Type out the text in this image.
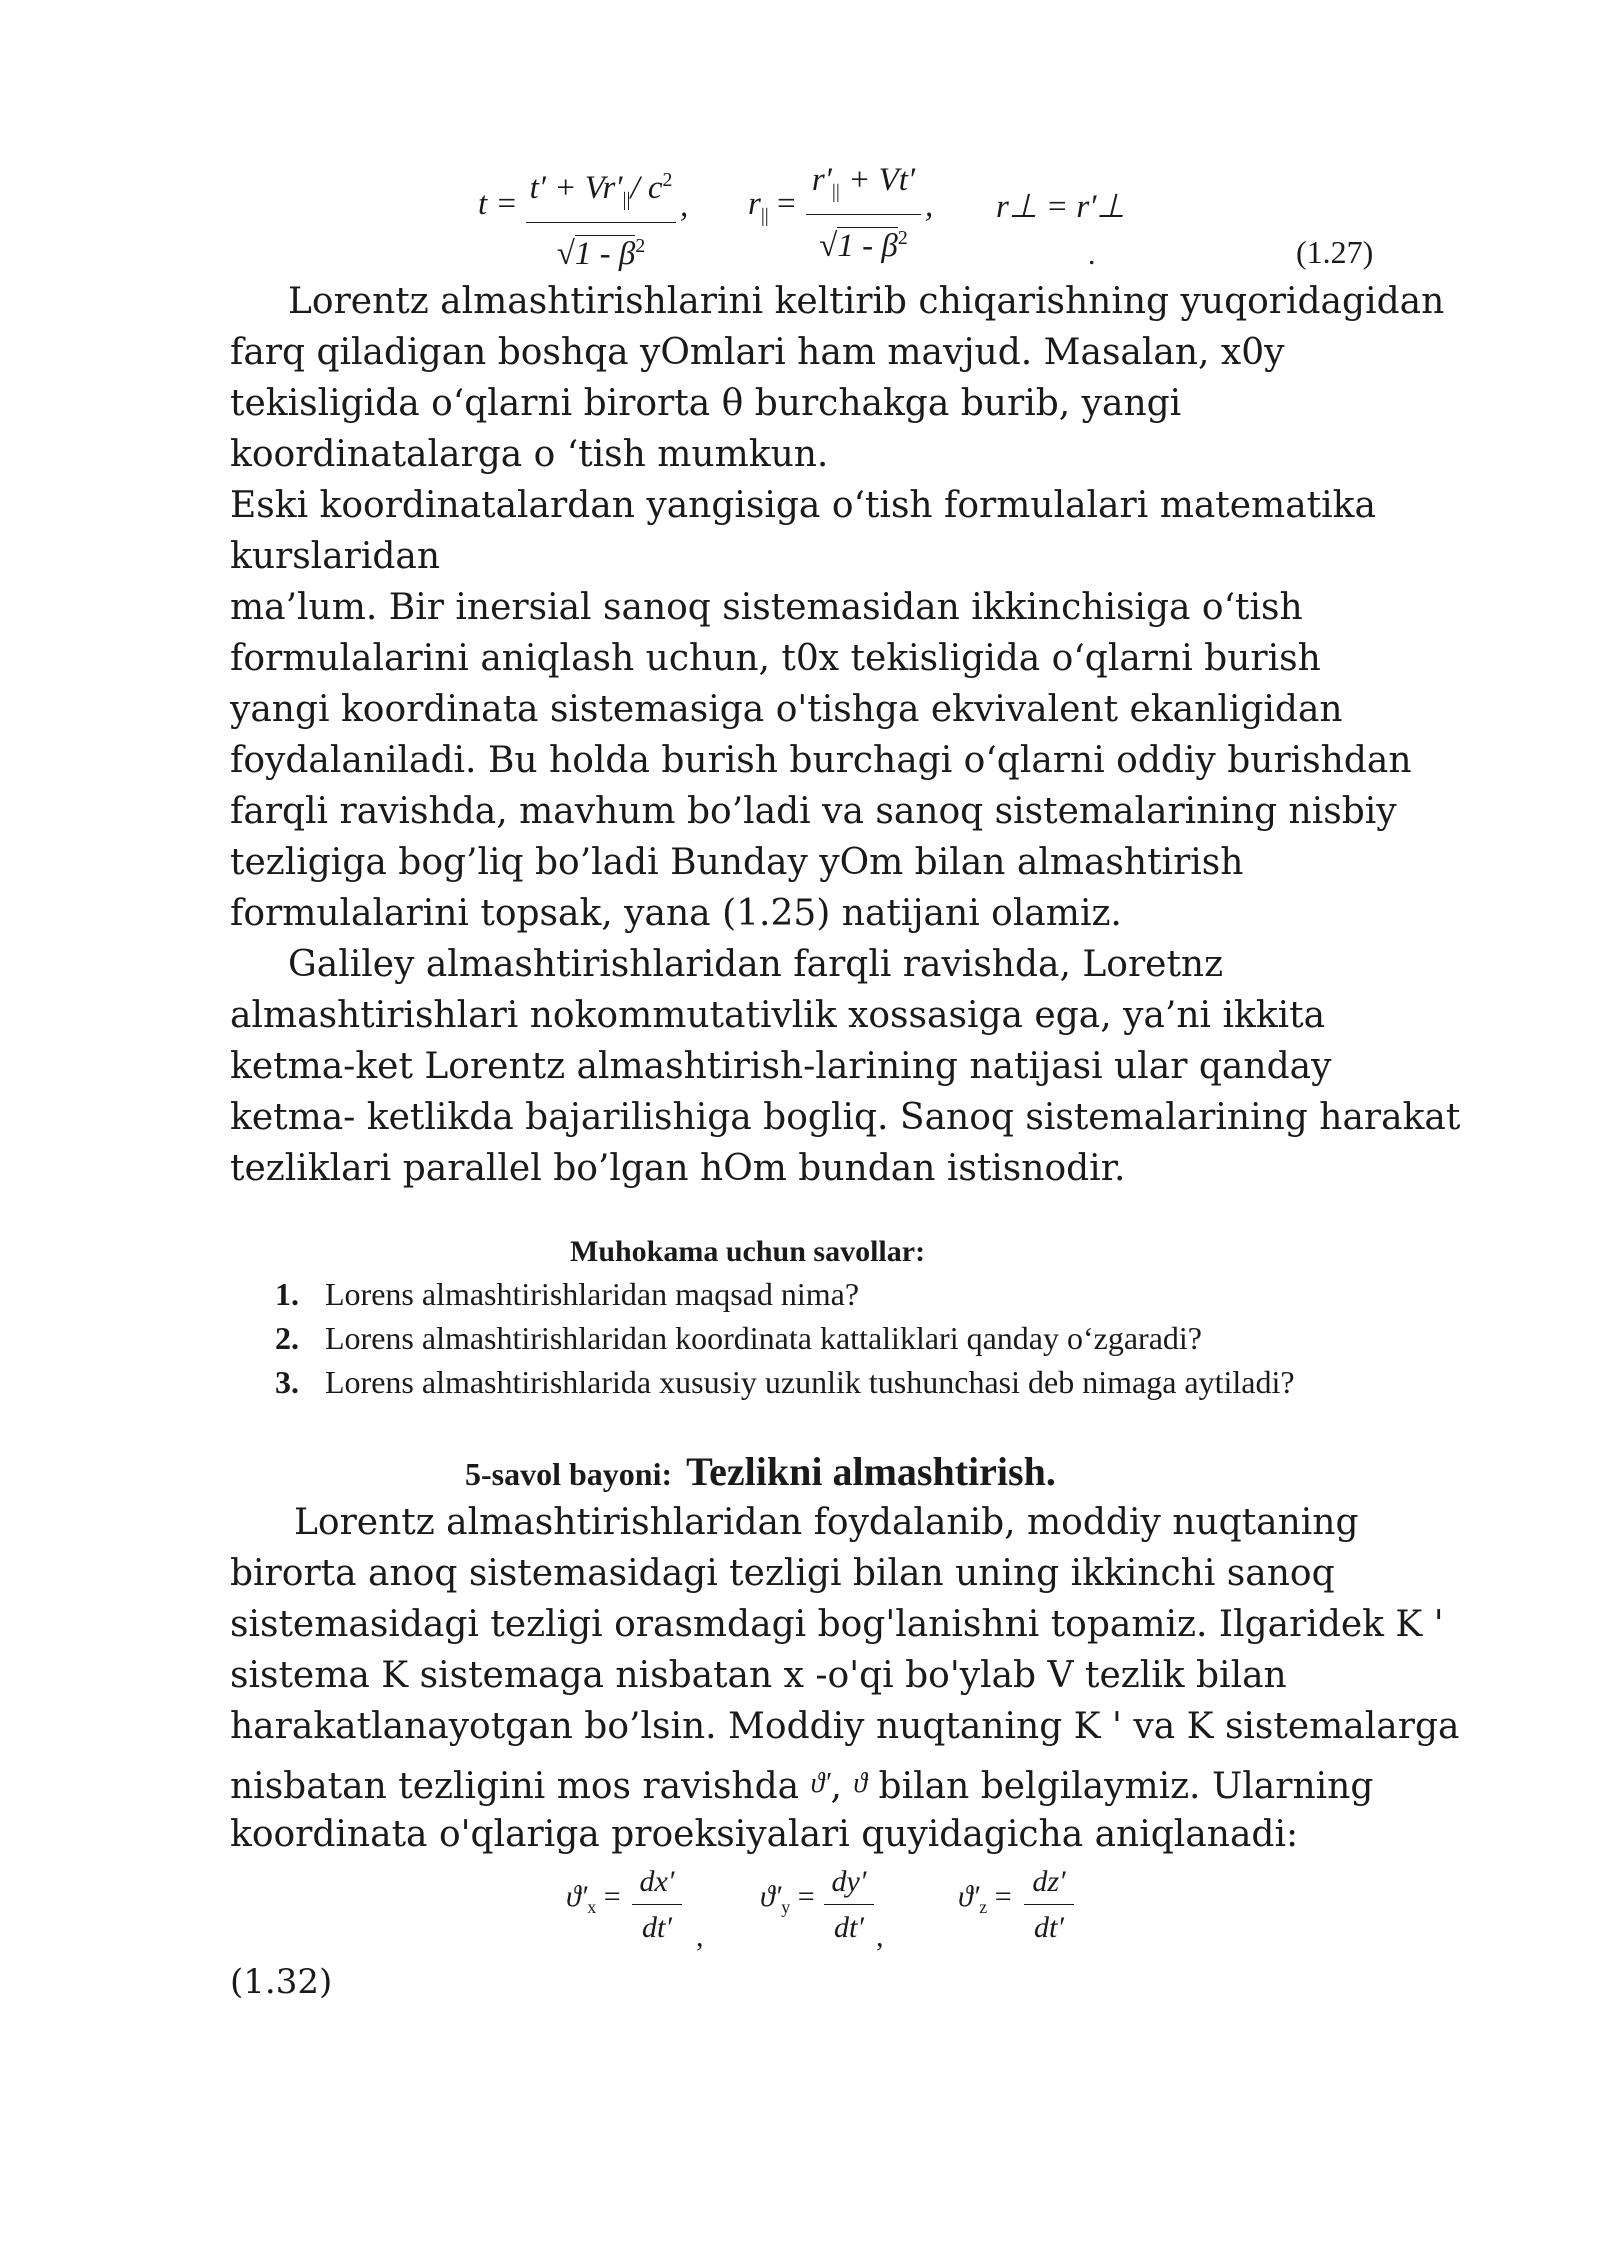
$t = t' + Vr'_{||}/$ $c^2$
$√1 - \beta^2$
, $r_{||}$ =
$r'_{||} + Vt'$
$√1 - \beta^2$
, r⊥ = r′⊥
.	(1.27)
Lorentz almashtirishlarini keltirib chiqarishning yuqoridagidan
farq qiladigan boshqa yOmlari ham mavjud. Masalan, x0y
tekisligida o‘qlarni birorta θ burchakga burib, yangi
koordinatalarga o ‘tish mumkun.
Eski koordinatalardan yangisiga o‘tish formulalari matematika
kurslaridan
ma’lum. Bir inersial sanoq sistemasidan ikkinchisiga o‘tish
formulalarini aniqlash uchun, t0x tekisligida o‘qlarni burish
yangi koordinata sistemasiga o'tishga ekvivalent ekanligidan
foydalaniladi. Bu holda burish burchagi o‘qlarni oddiy burishdan
farqli ravishda, mavhum bo’ladi va sanoq sistemalarining nisbiy
tezligiga bog’liq bo’ladi Bunday yOm bilan almashtirish
formulalarini topsak, yana (1.25) natijani olamiz.
Galiley almashtirishlaridan farqli ravishda, Loretnz
almashtirishlari nokommutativlik xossasiga ega, ya’ni ikkita
ketma-ket Lorentz almashtirish-larining natijasi ular qanday
ketma- ketlikda bajarilishiga bogliq. Sanoq sistemalarining harakat
tezliklari parallel bo’lgan hOm bundan istisnodir.
Muhokama uchun savollar:
1. Lorens almashtirishlaridan maqsad nima?
2. Lorens almashtirishlaridan koordinata kattaliklari qanday o‘zgaradi?
3. Lorens almashtirishlarida xususiy uzunlik tushunchasi deb nimaga aytiladi?
5-savol bayoni: Tezlikni almashtirish.
Lorentz almashtirishlaridan foydalanib, moddiy nuqtaning
birorta anoq sistemasidagi tezligi bilan uning ikkinchi sanoq
sistemasidagi tezligi orasmdagi bog'lanishni topamiz. Ilgaridek K '
sistema K sistemaga nisbatan x -o'qi bo'ylab V tezlik bilan
harakatlanayotgan bo’lsin. Moddiy nuqtaning K ' va K sistemalarga
nisbatan tezligini mos ravishda ϑ′, ϑ bilan belgilaymiz. Ularning
koordinata o'qlariga proeksiyalari quyidagicha aniqlanadi:
$ϑ'_x = dx'$
dt′ ,
$ϑ'_y = dy'$
dt′ ,
$ϑ'_z = dz'$
dt′
(1.32)
